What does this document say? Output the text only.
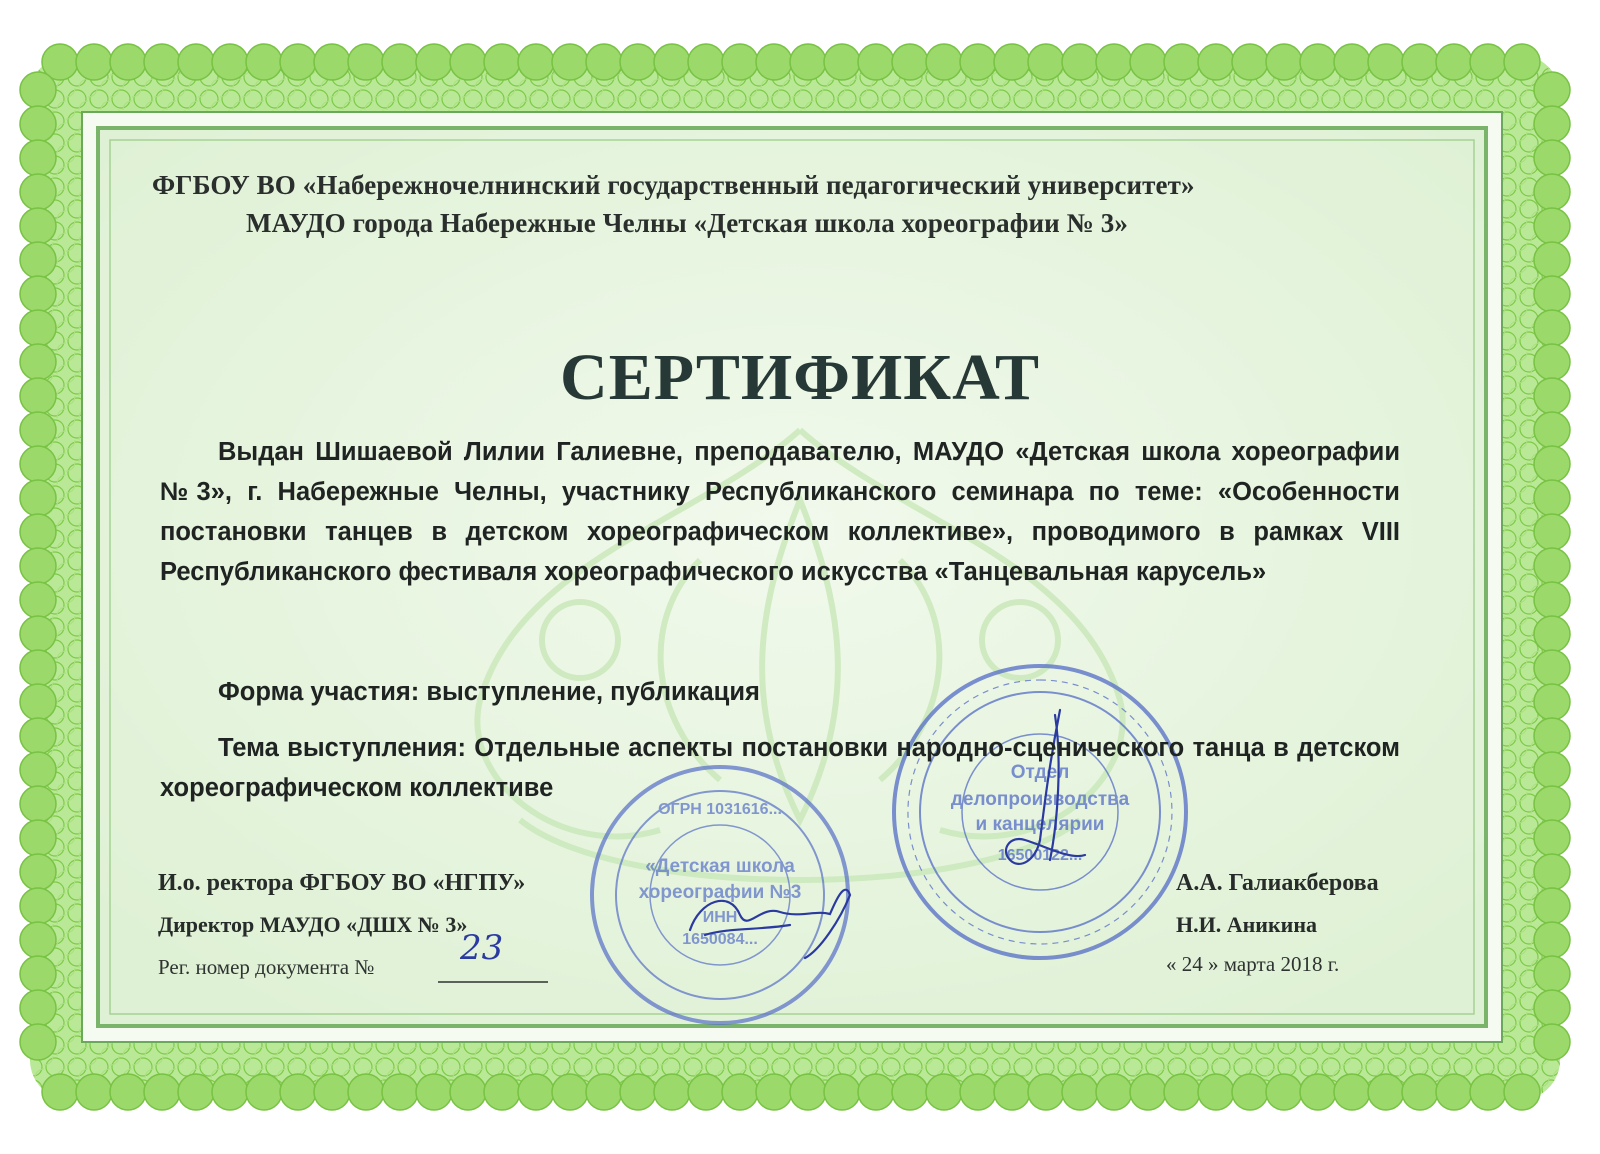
«Детская школа
хореографии №3
ИНН
1650084...
ОГРН 1031616...
Отдел
делопроизводства
и канцелярии
16500122...
ФГБОУ ВО «Набережночелнинский государственный педагогический университет»
МАУДО города Набережные Челны «Детская школа хореографии № 3»
СЕРТИФИКАТ
Выдан Шишаевой Лилии Галиевне, преподавателю, МАУДО «Детская школа хореографии №3», г. Набережные Челны, участнику Республиканского семинара по теме: «Особенности постановки танцев в детском хореографическом коллективе», проводимого в рамках VIII Республиканского фестиваля хореографического искусства «Танцевальная карусель»
Форма участия: выступление, публикация
Тема выступления: Отдельные аспекты постановки народно-сценического танца в детском хореографическом коллективе
И.о. ректора ФГБОУ ВО «НГПУ»	А.А. Галиакберова
Директор МАУДО «ДШХ № 3»	Н.И. Аникина
Рег. номер документа №	23	« 24 » марта 2018 г.
